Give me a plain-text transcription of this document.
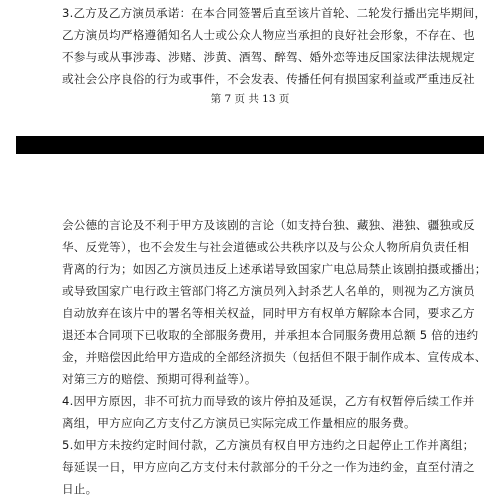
3.乙方及乙方演员承诺：在本合同签署后直至该片首轮、二轮发行播出完毕期间，
乙方演员均严格遵循知名人士或公众人物应当承担的良好社会形象，不存在、也
不参与或从事涉毒、涉赌、涉黄、酒驾、醉驾、婚外恋等违反国家法律法规规定
或社会公序良俗的行为或事件，不会发表、传播任何有损国家利益或严重违反社
第 7 页 共 13 页
会公德的言论及不利于甲方及该剧的言论（如支持台独、藏独、港独、疆独或反
华、反党等），也不会发生与社会道德或公共秩序以及与公众人物所肩负责任相
背离的行为；如因乙方演员违反上述承诺导致国家广电总局禁止该剧拍摄或播出；
或导致国家广电行政主管部门将乙方演员列入封杀艺人名单的，则视为乙方演员
自动放弃在该片中的署名等相关权益，同时甲方有权单方解除本合同，要求乙方
退还本合同项下已收取的全部服务费用，并承担本合同服务费用总额 5 倍的违约
金，并赔偿因此给甲方造成的全部经济损失（包括但不限于制作成本、宣传成本、
对第三方的赔偿、预期可得利益等）。
4.因甲方原因，非不可抗力而导致的该片停拍及延误，乙方有权暂停后续工作并
离组，甲方应向乙方支付乙方演员已实际完成工作量相应的服务费。
5.如甲方未按约定时间付款，乙方演员有权自甲方违约之日起停止工作并离组；
每延误一日，甲方应向乙方支付未付款部分的千分之一作为违约金，直至付清之
日止。
